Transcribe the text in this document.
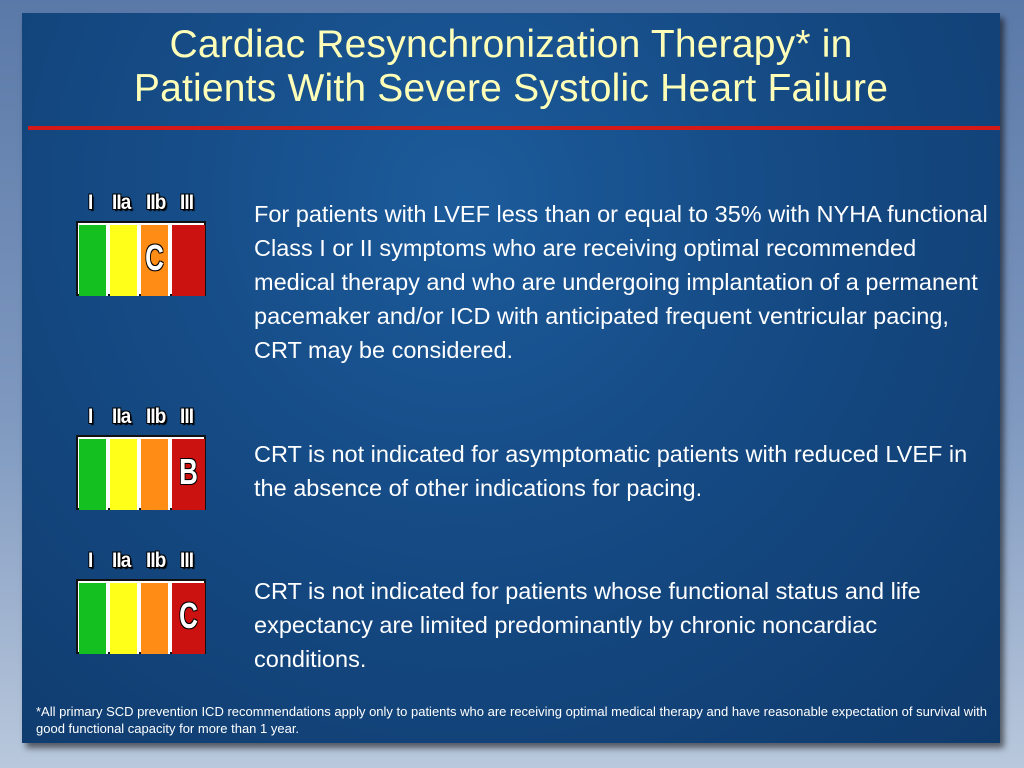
Cardiac Resynchronization Therapy* in
Patients With Severe Systolic Heart Failure
I IIa IIb III
C
For patients with LVEF less than or equal to 35% with NYHA functional Class I or II symptoms who are receiving optimal recommended medical therapy and who are undergoing implantation of a permanent pacemaker and/or ICD with anticipated frequent ventricular pacing, CRT may be considered.
I IIa IIb III
B CRT is not indicated for asymptomatic patients with reduced LVEF in the absence of other indications for pacing.
I IIa IIb III
C
CRT is not indicated for patients whose functional status and life expectancy are limited predominantly by chronic noncardiac conditions.
*All primary SCD prevention ICD recommendations apply only to patients who are receiving optimal medical therapy and have reasonable expectation of survival with good functional capacity for more than 1 year.
